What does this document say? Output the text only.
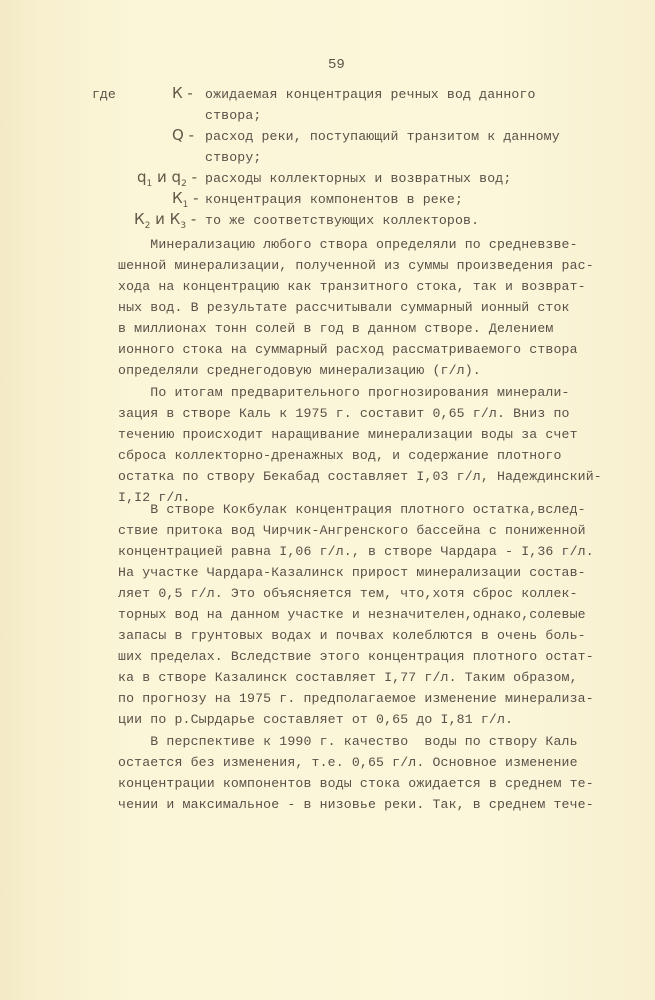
59
где	К - ожидаемая концентрация речных вод данного
створа;
Q - расход реки, поступающий транзитом к данному
створу;
$q_1$ и $q_2$ - расходы коллекторных и возвратных вод;
$К_1$ - концентрация компонентов в реке;
$К_2$ и $К_3$ - то же соответствующих коллекторов.
Минерализацию любого створа определяли по средневзве-
шенной минерализации, полученной из суммы произведения рас-
хода на концентрацию как транзитного стока, так и возврат-
ных вод. В результате рассчитывали суммарный ионный сток
в миллионах тонн солей в год в данном створе. Делением
ионного стока на суммарный расход рассматриваемого створа
определяли среднегодовую минерализацию (г/л).
По итогам предварительного прогнозирования минерали-
зация в створе Каль к 1975 г. составит 0,65 г/л. Вниз по
течению происходит наращивание минерализации воды за счет
сброса коллекторно-дренажных вод, и содержание плотного
остатка по створу Бекабад составляет I,03 г/л, Надеждинский-
I,I2 г/л.
В створе Кокбулак концентрация плотного остатка,вслед-
ствие притока вод Чирчик-Ангренского бассейна с пониженной
концентрацией равна I,06 г/л., в створе Чардара - I,36 г/л.
На участке Чардара-Казалинск прирост минерализации состав-
ляет 0,5 г/л. Это объясняется тем, что,хотя сброс коллек-
торных вод на данном участке и незначителен,однако,солевые
запасы в грунтовых водах и почвах колеблются в очень боль-
ших пределах. Вследствие этого концентрация плотного остат-
ка в створе Казалинск составляет I,77 г/л. Таким образом,
по прогнозу на 1975 г. предполагаемое изменение минерализа-
ции по р.Сырдарье составляет от 0,65 до I,81 г/л.
В перспективе к 1990 г. качество  воды по створу Каль
остается без изменения, т.е. 0,65 г/л. Основное изменение
концентрации компонентов воды стока ожидается в среднем те-
чении и максимальное - в низовье реки. Так, в среднем тече-
